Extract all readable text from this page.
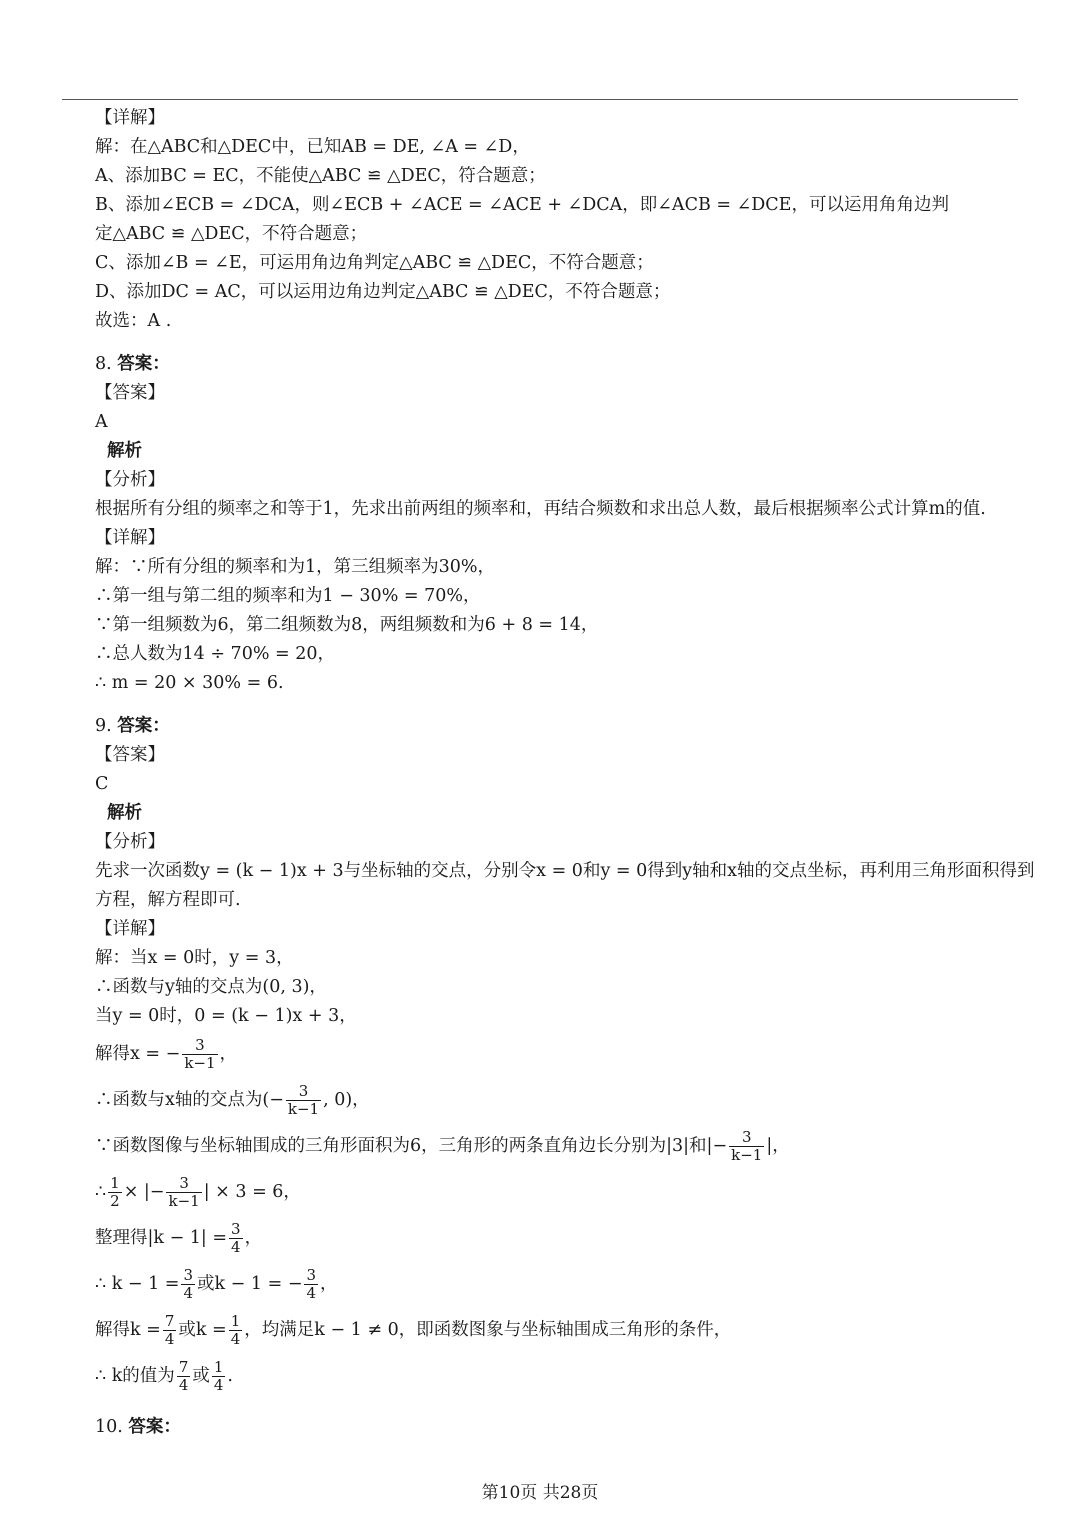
【详解】
解：在△ABC和△DEC中，已知AB = DE, ∠A = ∠D，
A、添加BC = EC，不能使△ABC ≌ △DEC，符合题意；
B、添加∠ECB = ∠DCA，则∠ECB + ∠ACE = ∠ACE + ∠DCA，即∠ACB = ∠DCE，可以运用角角边判
定△ABC ≌ △DEC，不符合题意；
C、添加∠B = ∠E，可运用角边角判定△ABC ≌ △DEC，不符合题意；
D、添加DC = AC，可以运用边角边判定△ABC ≌ △DEC，不符合题意；
故选：A .
8. 答案：
【答案】
A
解析
【分析】
根据所有分组的频率之和等于1，先求出前两组的频率和，再结合频数和求出总人数，最后根据频率公式计算m的值.
【详解】
解：∵所有分组的频率和为1，第三组频率为30%，
∴第一组与第二组的频率和为1 − 30% = 70%，
∵第一组频数为6，第二组频数为8，两组频数和为6 + 8 = 14，
∴总人数为14 ÷ 70% = 20，
∴ m = 20 × 30% = 6.
9. 答案：
【答案】
C
解析
【分析】
先求一次函数y = (k − 1)x + 3与坐标轴的交点，分别令x = 0和y = 0得到y轴和x轴的交点坐标，再利用三角形面积得到方程，解方程即可.
【详解】
解：当x = 0时，y = 3，
∴函数与y轴的交点为(0, 3)，
当y = 0时，0 = (k − 1)x + 3，
解得x = − $\frac{3}{k-1}$ ，
∴函数与x轴的交点为(− $\frac{3}{k-1}$ , 0)，
∵函数图像与坐标轴围成的三角形面积为6，三角形的两条直角边长分别为|3|和|− $\frac{3}{k-1}$ |，
∴ $\frac{1}{2}$ × |− $\frac{3}{k-1}$ | × 3 = 6，
整理得$|k - 1| = \frac{3}{4}$ ，
∴ $k - 1 = \frac{3}{4}$ 或k − 1 = − $\frac{3}{4}$ ，
解得$k = \frac{7}{4}$ 或$k = \frac{1}{4}$ ，均满足k − 1 ≠ 0，即函数图象与坐标轴围成三角形的条件，
∴ k的值为 $\frac{7}{4}$ 或 $\frac{1}{4}$ .
10. 答案：
第10页 共28页
